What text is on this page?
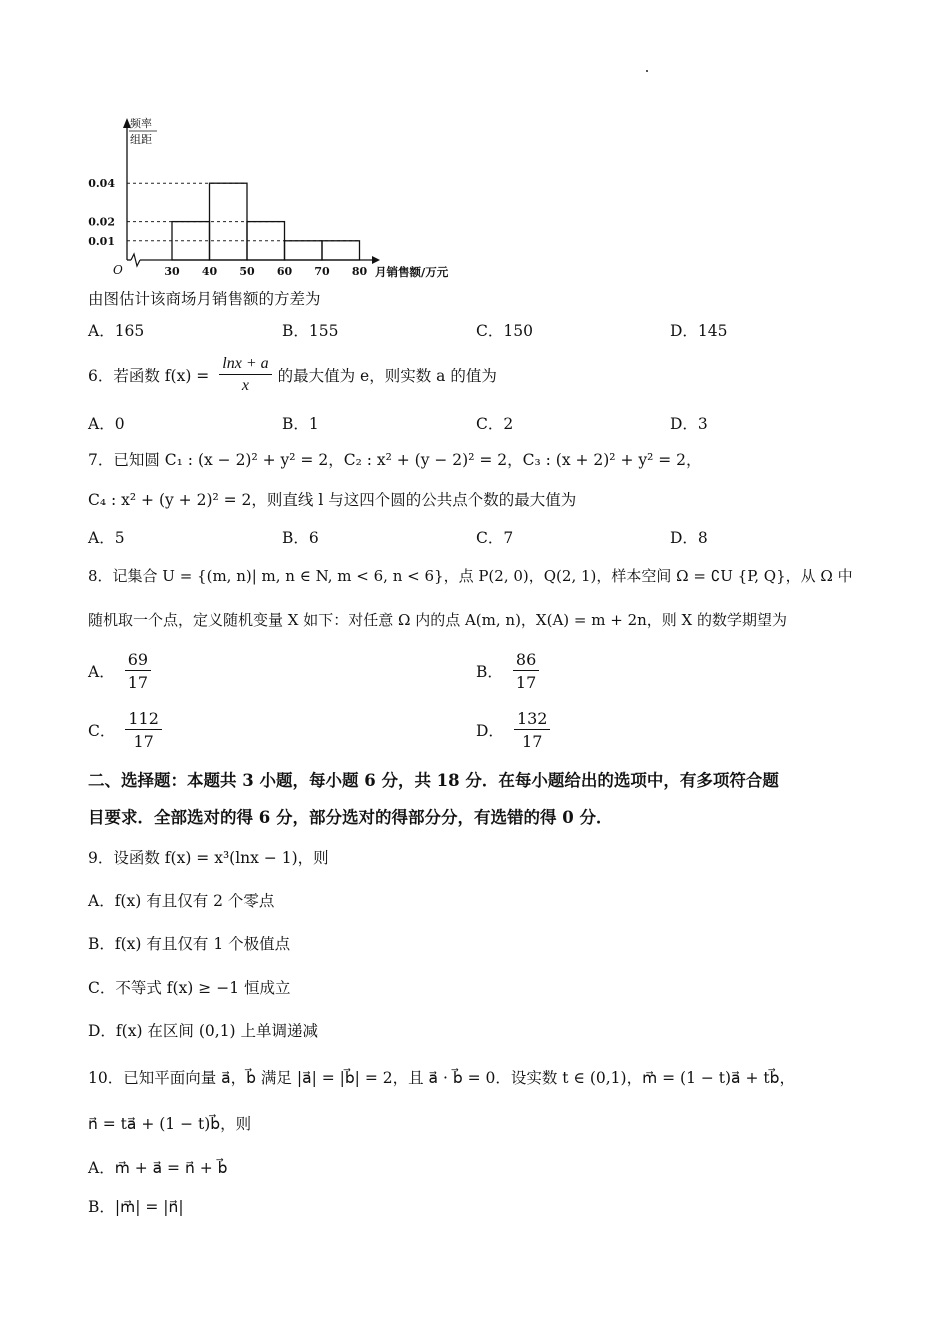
频率
组距
0.04
0.02
0.01
30 40 50 60 70 80
O	月销售额/万元
由图估计该商场月销售额的方差为
A．165	B．155	C．150	D．145
6．若函数 $f(x) = \frac{\ln x + a}{x}$ 的最大值为 e，则实数 a 的值为
A．0	B．1	C．2	D．3
7．已知圆 C₁ : (x − 2)² + y² = 2，C₂ : x² + (y − 2)² = 2，C₃ : (x + 2)² + y² = 2，
C₄ : x² + (y + 2)² = 2，则直线 l 与这四个圆的公共点个数的最大值为
A．5	B．6	C．7	D．8
8．记集合 U = {(m, n)| m, n ∈ N, m < 6, n < 6}，点 P(2, 0)，Q(2, 1)，样本空间 Ω = ∁U {P, Q}，从 Ω 中
随机取一个点，定义随机变量 X 如下：对任意 Ω 内的点 A(m, n)，X(A) = m + 2n，则 X 的数学期望为
A． $\frac{69}{17}$	B． $\frac{86}{17}$
C． $\frac{112}{17}$	D． $\frac{132}{17}$
二、选择题：本题共 3 小题，每小题 6 分，共 18 分．在每小题给出的选项中，有多项符合题
目要求．全部选对的得 6 分，部分选对的得部分分，有选错的得 0 分．
9．设函数 f(x) = x³(lnx − 1)，则
A．f(x) 有且仅有 2 个零点
B．f(x) 有且仅有 1 个极值点
C．不等式 f(x) ≥ −1 恒成立
D．f(x) 在区间 (0,1) 上单调递减
10．已知平面向量 a⃗，b⃗ 满足 |a⃗| = |b⃗| = 2，且 a⃗ · b⃗ = 0．设实数 t ∈ (0,1)，m⃗ = (1 − t)a⃗ + tb⃗，
n⃗ = ta⃗ + (1 − t)b⃗，则
A．m⃗ + a⃗ = n⃗ + b⃗
B．|m⃗| = |n⃗|
